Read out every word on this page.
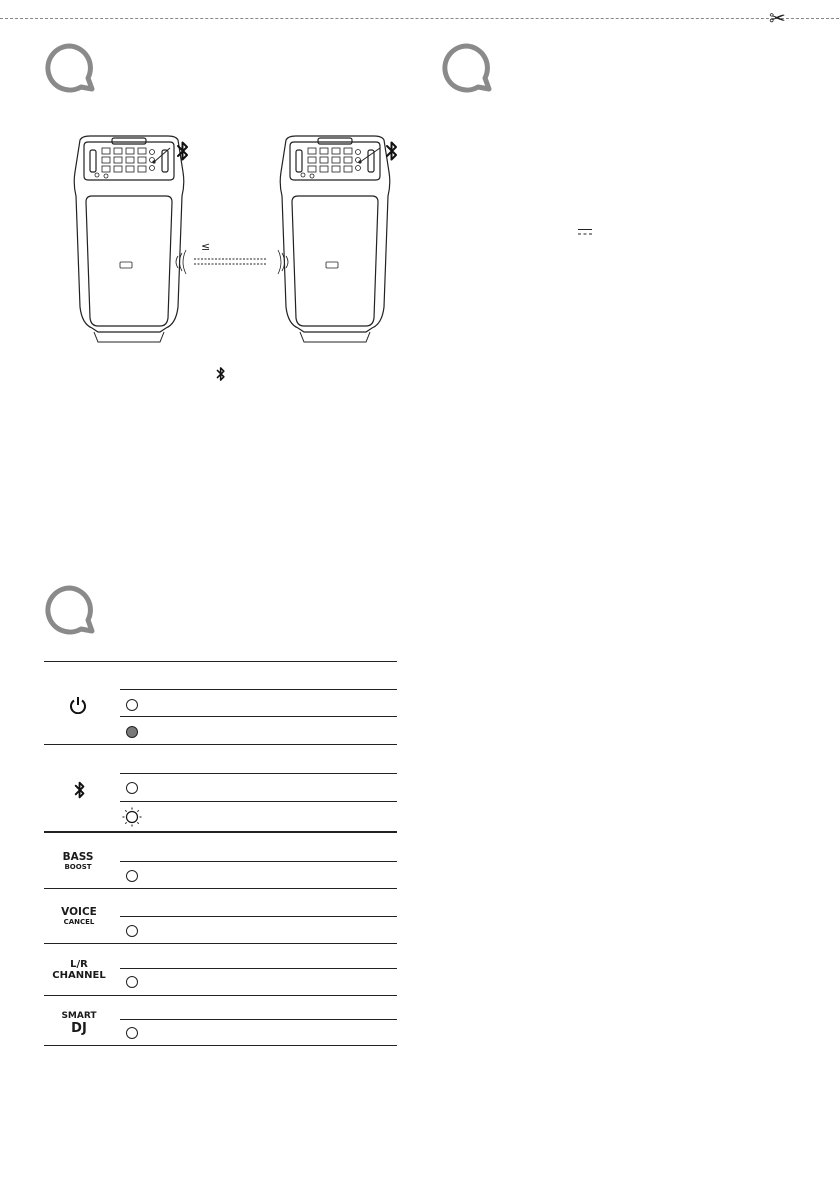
✂
≤
BASS
BOOST
VOICE
CANCEL
L/R
CHANNEL
SMART
DJ
